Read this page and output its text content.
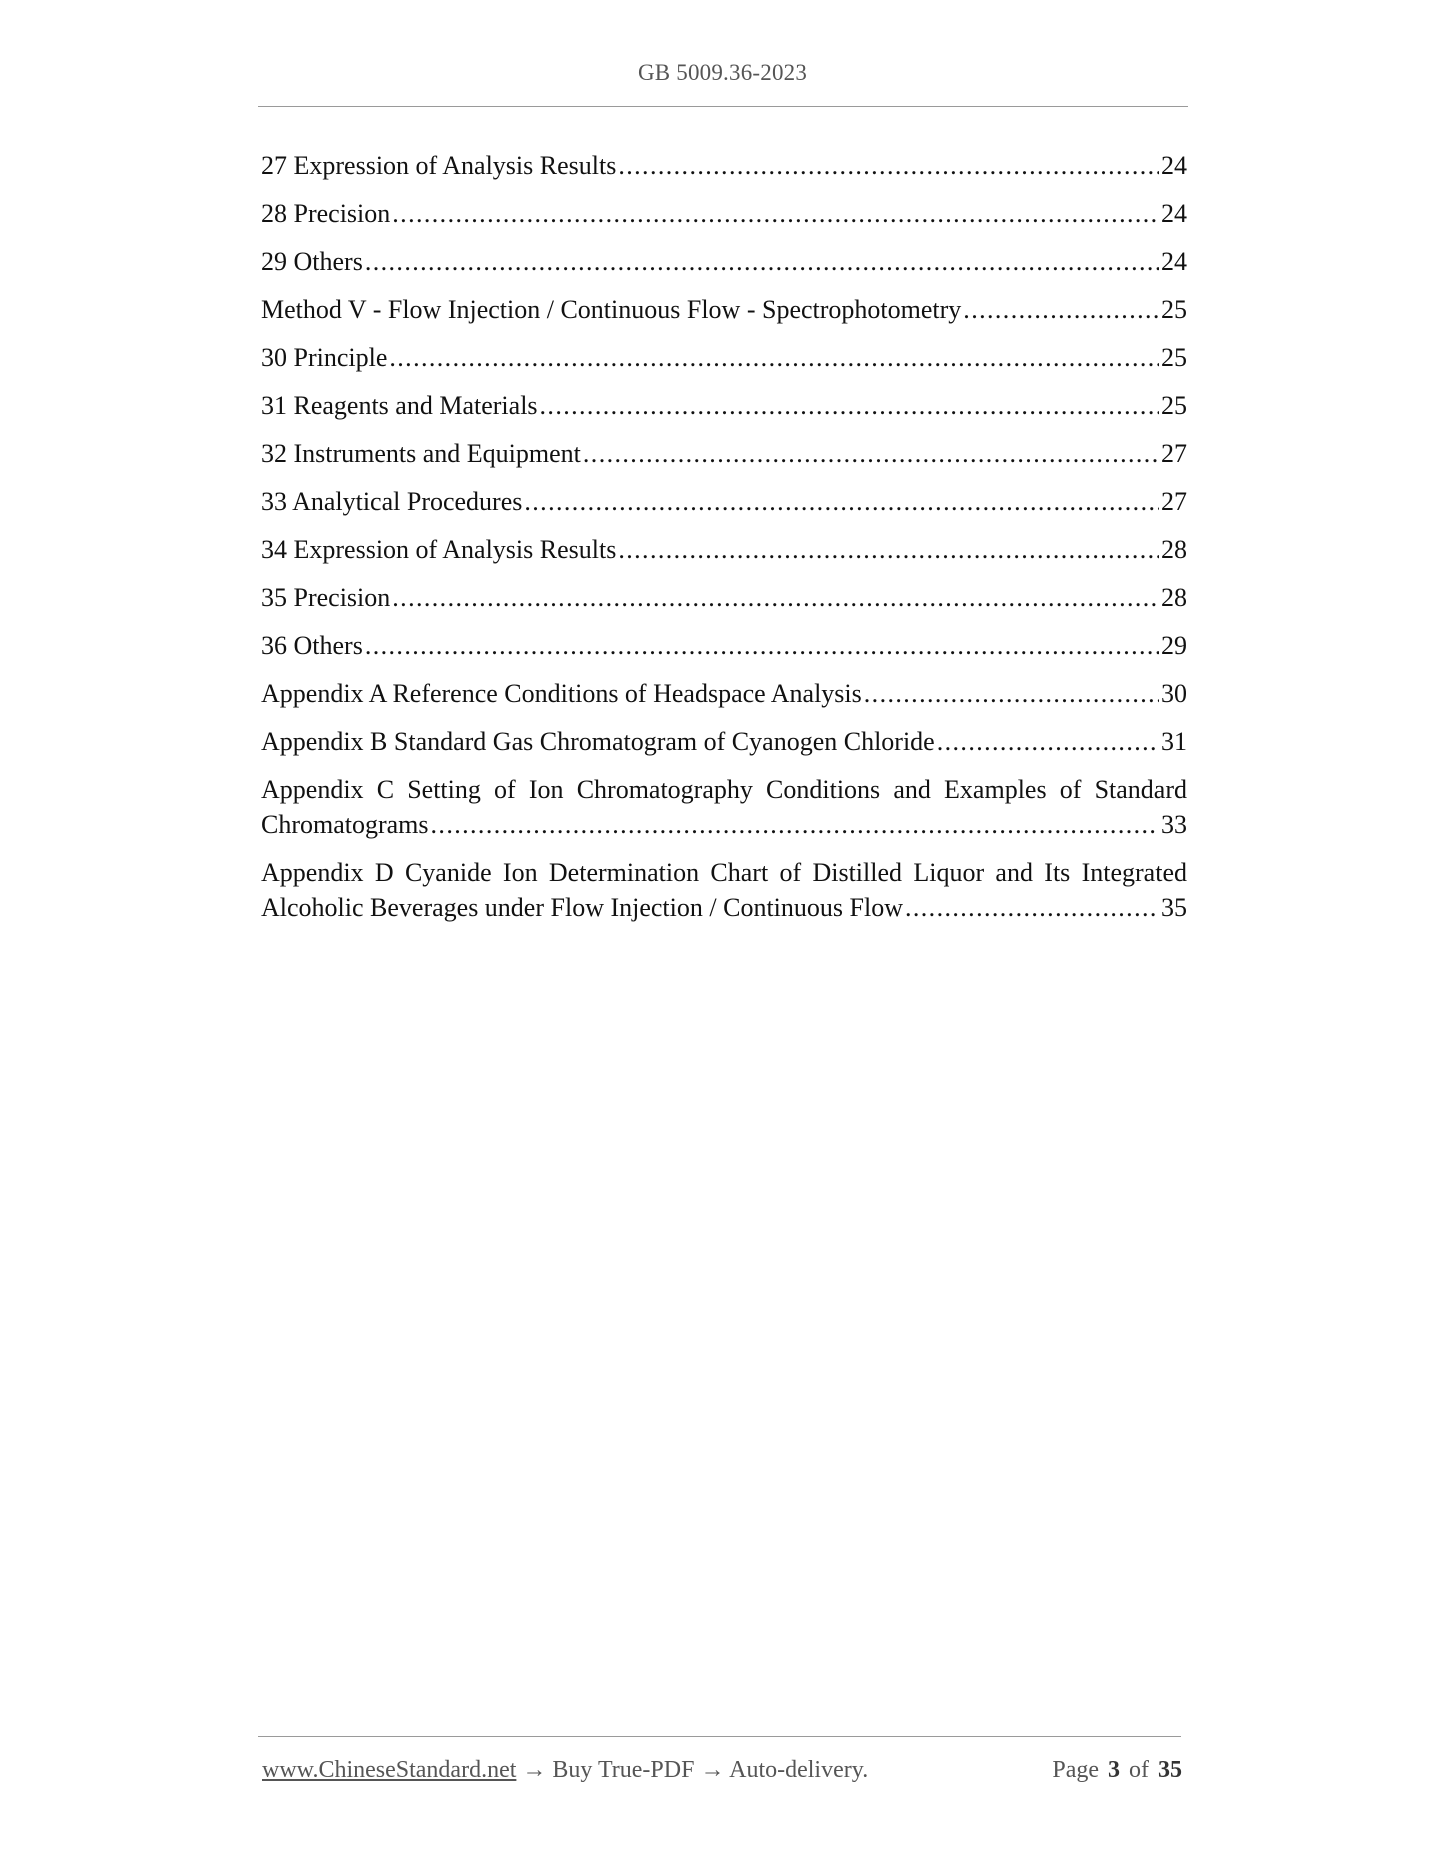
GB 5009.36-2023
27 Expression of Analysis Results .....	24
28 Precision .....	24
29 Others .....	24
Method V - Flow Injection / Continuous Flow - Spectrophotometry .....	25
30 Principle .....	25
31 Reagents and Materials .....	25
32 Instruments and Equipment .....	27
33 Analytical Procedures .....	27
34 Expression of Analysis Results .....	28
35 Precision .....	28
36 Others .....	29
Appendix A Reference Conditions of Headspace Analysis .....	30
Appendix B Standard Gas Chromatogram of Cyanogen Chloride .....	31
Appendix C Setting of Ion Chromatography Conditions and Examples of Standard
Chromatograms .....	33
Appendix D Cyanide Ion Determination Chart of Distilled Liquor and Its Integrated
Alcoholic Beverages under Flow Injection / Continuous Flow .....	35
www.ChineseStandard.net → Buy True-PDF → Auto-delivery.	Page 3 of 35
